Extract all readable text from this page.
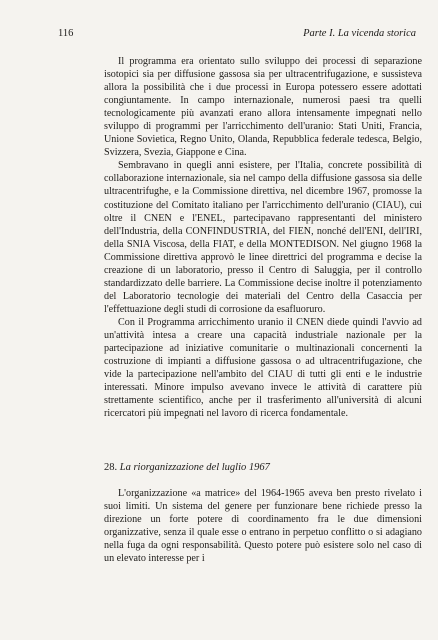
116	Parte I. La vicenda storica

Il programma era orientato sullo sviluppo dei processi di separazione isotopici sia per diffusione gassosa sia per ultracentrifugazione, e sussisteva allora la possibilità che i due processi in Europa potessero essere adottati congiuntamente. In campo internazionale, numerosi paesi tra quelli tecnologicamente più avanzati erano allora intensamente impegnati nello sviluppo di programmi per l'arricchimento dell'uranio: Stati Uniti, Francia, Unione Sovietica, Regno Unito, Olanda, Repubblica federale tedesca, Belgio, Svizzera, Svezia, Giappone e Cina.

Sembravano in quegli anni esistere, per l'Italia, concrete possibilità di collaborazione internazionale, sia nel campo della diffusione gassosa sia delle ultracentrifughe, e la Commissione direttiva, nel dicembre 1967, promosse la costituzione del Comitato italiano per l'arricchimento dell'uranio (CIAU), cui oltre il CNEN e l'ENEL, partecipavano rappresentanti del ministero dell'Industria, della CONFINDUSTRIA, del FIEN, nonché dell'ENI, dell'IRI, della SNIA Viscosa, della FIAT, e della MONTEDISON. Nel giugno 1968 la Commissione direttiva approvò le linee direttrici del programma e decise la creazione di un laboratorio, presso il Centro di Saluggia, per il controllo standardizzato delle barriere. La Commissione decise inoltre il potenziamento del Laboratorio tecnologie dei materiali del Centro della Casaccia per l'effettuazione degli studi di corrosione da esafluoruro.

Con il Programma arricchimento uranio il CNEN diede quindi l'avvio ad un'attività intesa a creare una capacità industriale nazionale per la partecipazione ad iniziative comunitarie o multinazionali concernenti la costruzione di impianti a diffusione gassosa o ad ultracentrifugazione, che vide la partecipazione nell'ambito del CIAU di tutti gli enti e le industrie interessati. Minore impulso avevano invece le attività di carattere più strettamente scientifico, anche per il trasferimento all'università di alcuni ricercatori più impegnati nel lavoro di ricerca fondamentale.

28. La riorganizzazione del luglio 1967

L'organizzazione «a matrice» del 1964-1965 aveva ben presto rivelato i suoi limiti. Un sistema del genere per funzionare bene richiede presso la direzione un forte potere di coordinamento fra le due dimensioni organizzative, senza il quale esse o entrano in perpetuo conflitto o si adagiano nella fuga da ogni responsabilità. Questo potere può esistere solo nel caso di un elevato interesse per i
